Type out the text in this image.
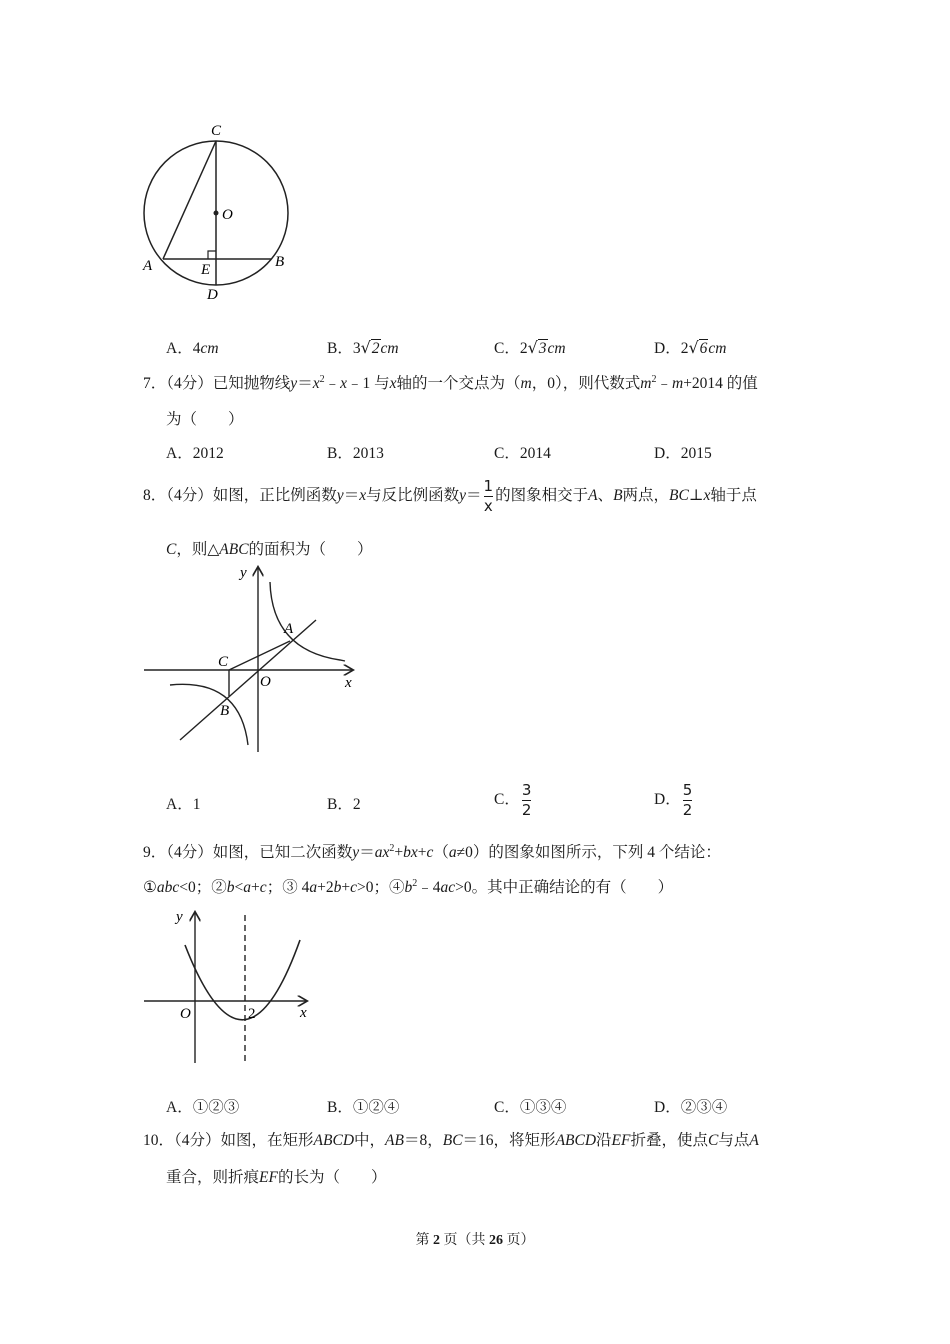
C
O
A	E	B
D
A．4cm	B．3√2cm	C．2√3cm	D．2√6cm
7．（4分）已知抛物线$y=x^2﹣x﹣1$ 与x轴的一个交点为（m，0），则代数式$m^2﹣m+2014$ 的值
为（　　）
A．2012	B．2013	C．2014	D．2015
8．（4分）如图，正比例函数y＝x与反比例函数$y= \frac{1}{x}$ 的图象相交于A、B两点，BC⊥x轴于点
C，则△ABC的面积为（　　）
y
A
C
O	x
B
A．1	B．2	C． $\frac{3}{2}$	D． $\frac{5}{2}$
9．（4分）如图，已知二次函数$y=ax^2+bx+c(a\ne 0)$的图象如图所示，下列 4 个结论：
①abc<0；②b<a+c；③ 4a+2b+c>0；$④b^2﹣4ac>0$。其中正确结论的有（　　）
y
O	2	x
A．①②③	B．①②④	C．①③④	D．②③④
10．（4分）如图，在矩形ABCD中，AB＝8，BC＝16，将矩形ABCD沿EF折叠，使点C与点A
重合，则折痕EF的长为（　　）
第 2 页（共 26 页）
